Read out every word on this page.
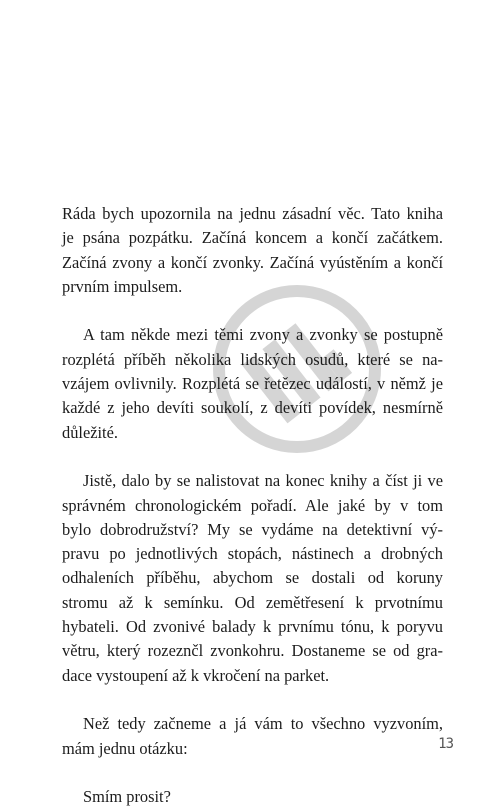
Ráda bych upozornila na jednu zásadní věc. Tato kniha
je psána pozpátku. Začíná koncem a končí začátkem.
Začíná zvony a končí zvonky. Začíná vyústěním a končí
prvním impulsem.
A tam někde mezi těmi zvony a zvonky se postupně
rozplétá příběh několika lidských osudů, které se na-
vzájem ovlivnily. Rozplétá se řetězec událostí, v němž je
každé z jeho devíti soukolí, z devíti povídek, nesmírně
důležité.
Jistě, dalo by se nalistovat na konec knihy a číst ji ve
správném chronologickém pořadí. Ale jaké by v tom
bylo dobrodružství? My se vydáme na detektivní vý-
pravu po jednotlivých stopách, nástinech a drobných
odhaleních příběhu, abychom se dostali od koruny
stromu až k semínku. Od zemětřesení k prvotnímu
hybateli. Od zvonivé balady k prvnímu tónu, k poryvu
větru, který rozeznčl zvonkohru. Dostaneme se od gra-
dace vystoupení až k vkročení na parket.
Než tedy začneme a já vám to všechno vyzvoním,
mám jednu otázku:
Smím prosit?
13
